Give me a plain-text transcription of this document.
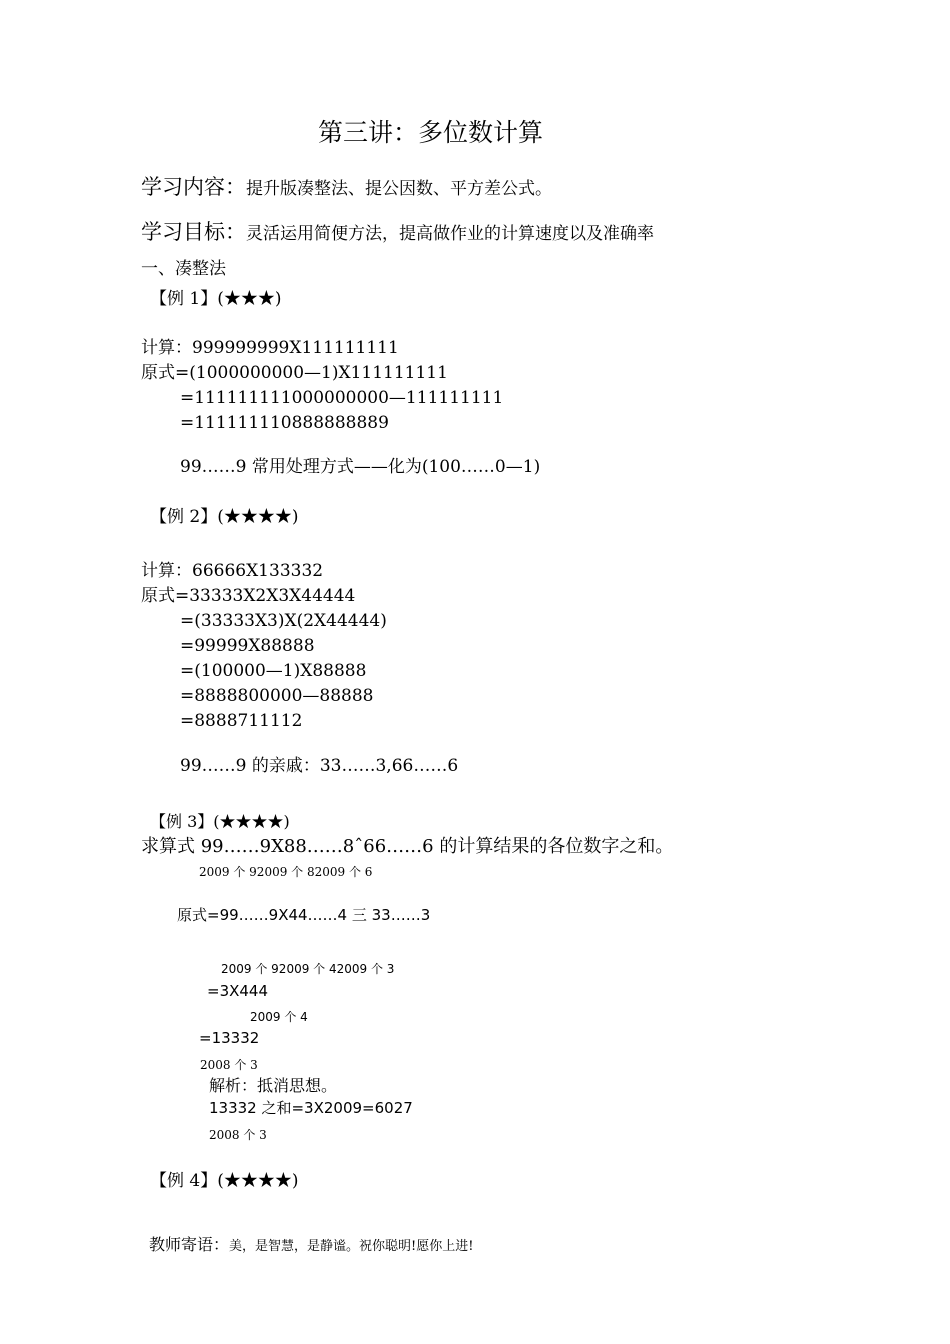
第三讲：多位数计算
学习内容：提升版凑整法、提公因数、平方差公式。
学习目标：灵活运用简便方法，提高做作业的计算速度以及准确率
一、凑整法
【例 1】(★★★)
计算：999999999X111111111
原式=(1000000000—1)X111111111
=111111111000000000—111111111
=111111110888888889
99……9 常用处理方式——化为(100……0—1)
【例 2】(★★★★)
计算：66666X133332
原式=33333X2X3X44444
=(33333X3)X(2X44444)
=99999X88888
=(100000—1)X88888
=8888800000—88888
=8888711112
99……9 的亲戚：33……3,66……6
【例 3】(★★★★)
求算式 99……9X88……8ˆ66……6 的计算结果的各位数字之和。
2009 个 92009 个 82009 个 6
原式=99……9X44……4 三 33……3
2009 个 92009 个 42009 个 3
=3X444
2009 个 4
=13332
2008 个 3
解析：抵消思想。
13332 之和=3X2009=6027
2008 个 3
【例 4】(★★★★)
教师寄语：美，是智慧，是静谧。祝你聪明!愿你上进!
